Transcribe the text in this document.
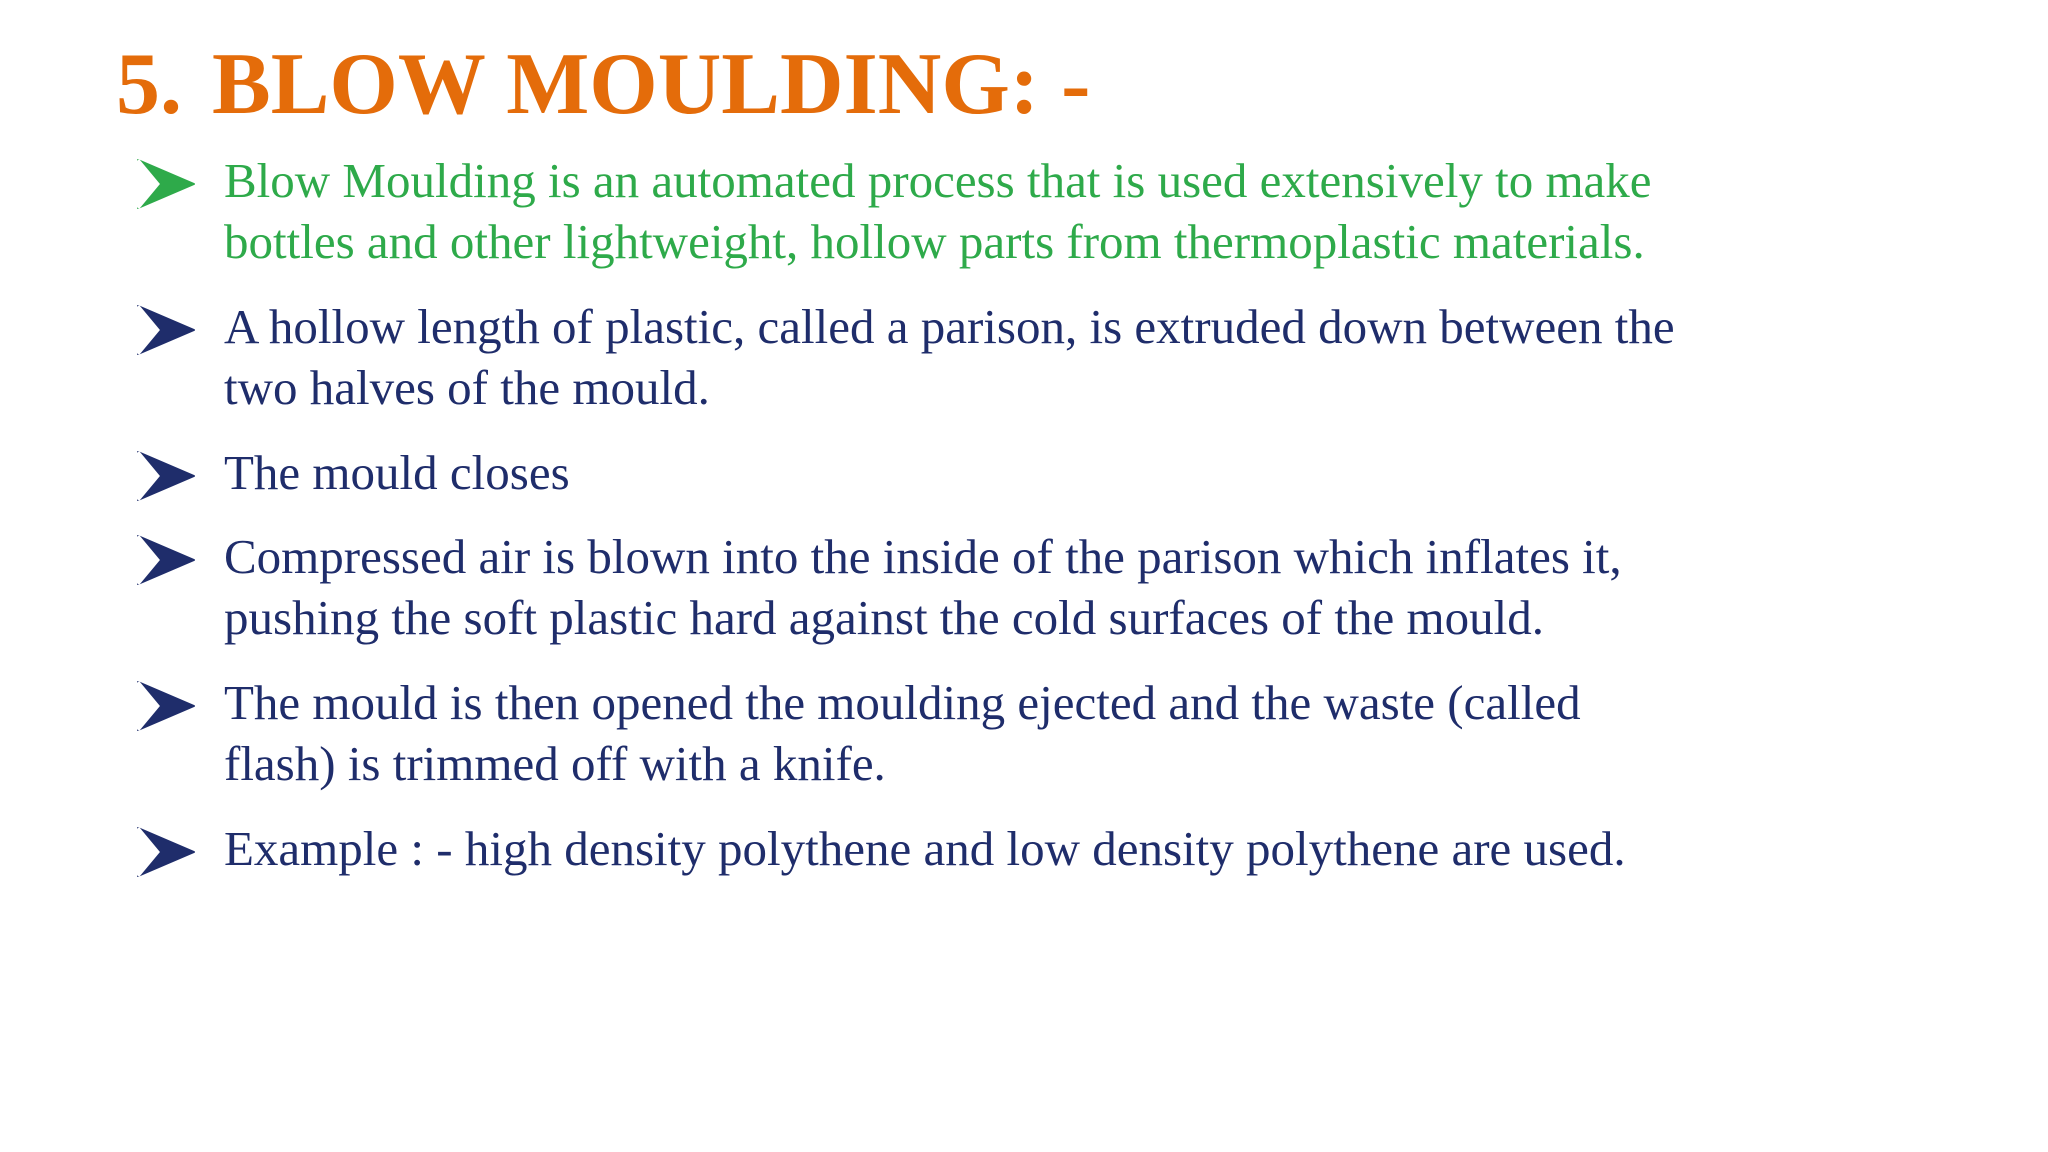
5. BLOW MOULDING: -

Blow Moulding is an automated process that is used extensively to make
bottles and other lightweight, hollow parts from thermoplastic materials.

A hollow length of plastic, called a parison, is extruded down between the
two halves of the mould.

The mould closes

Compressed air is blown into the inside of the parison which inflates it,
pushing the soft plastic hard against the cold surfaces of the mould.

The mould is then opened the moulding ejected and the waste (called
flash) is trimmed off with a knife.

Example : - high density polythene and low density polythene are used.
